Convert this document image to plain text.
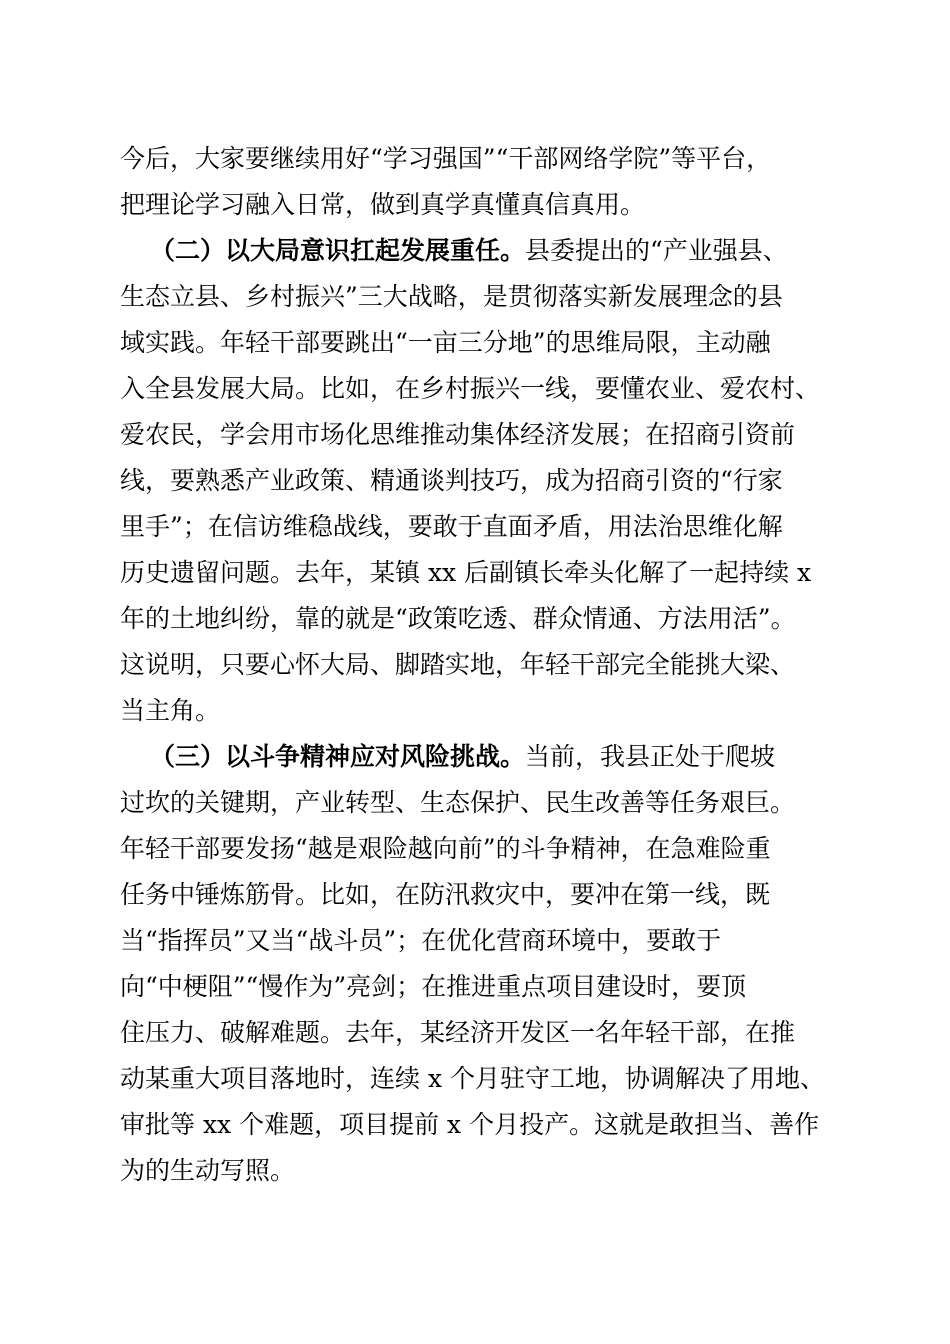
今后，大家要继续用好“学习强国”“干部网络学院”等平台，
把理论学习融入日常，做到真学真懂真信真用。
（二）以大局意识扛起发展重任。县委提出的“产业强县、
生态立县、乡村振兴”三大战略，是贯彻落实新发展理念的县
域实践。年轻干部要跳出“一亩三分地”的思维局限，主动融
入全县发展大局。比如，在乡村振兴一线，要懂农业、爱农村、
爱农民，学会用市场化思维推动集体经济发展；在招商引资前
线，要熟悉产业政策、精通谈判技巧，成为招商引资的“行家
里手”；在信访维稳战线，要敢于直面矛盾，用法治思维化解
历史遗留问题。去年，某镇 xx 后副镇长牵头化解了一起持续 x
年的土地纠纷，靠的就是“政策吃透、群众情通、方法用活”。
这说明，只要心怀大局、脚踏实地，年轻干部完全能挑大梁、
当主角。
（三）以斗争精神应对风险挑战。当前，我县正处于爬坡
过坎的关键期，产业转型、生态保护、民生改善等任务艰巨。
年轻干部要发扬“越是艰险越向前”的斗争精神，在急难险重
任务中锤炼筋骨。比如，在防汛救灾中，要冲在第一线，既
当“指挥员”又当“战斗员”；在优化营商环境中，要敢于
向“中梗阻”“慢作为”亮剑；在推进重点项目建设时，要顶
住压力、破解难题。去年，某经济开发区一名年轻干部，在推
动某重大项目落地时，连续 x 个月驻守工地，协调解决了用地、
审批等 xx 个难题，项目提前 x 个月投产。这就是敢担当、善作
为的生动写照。
